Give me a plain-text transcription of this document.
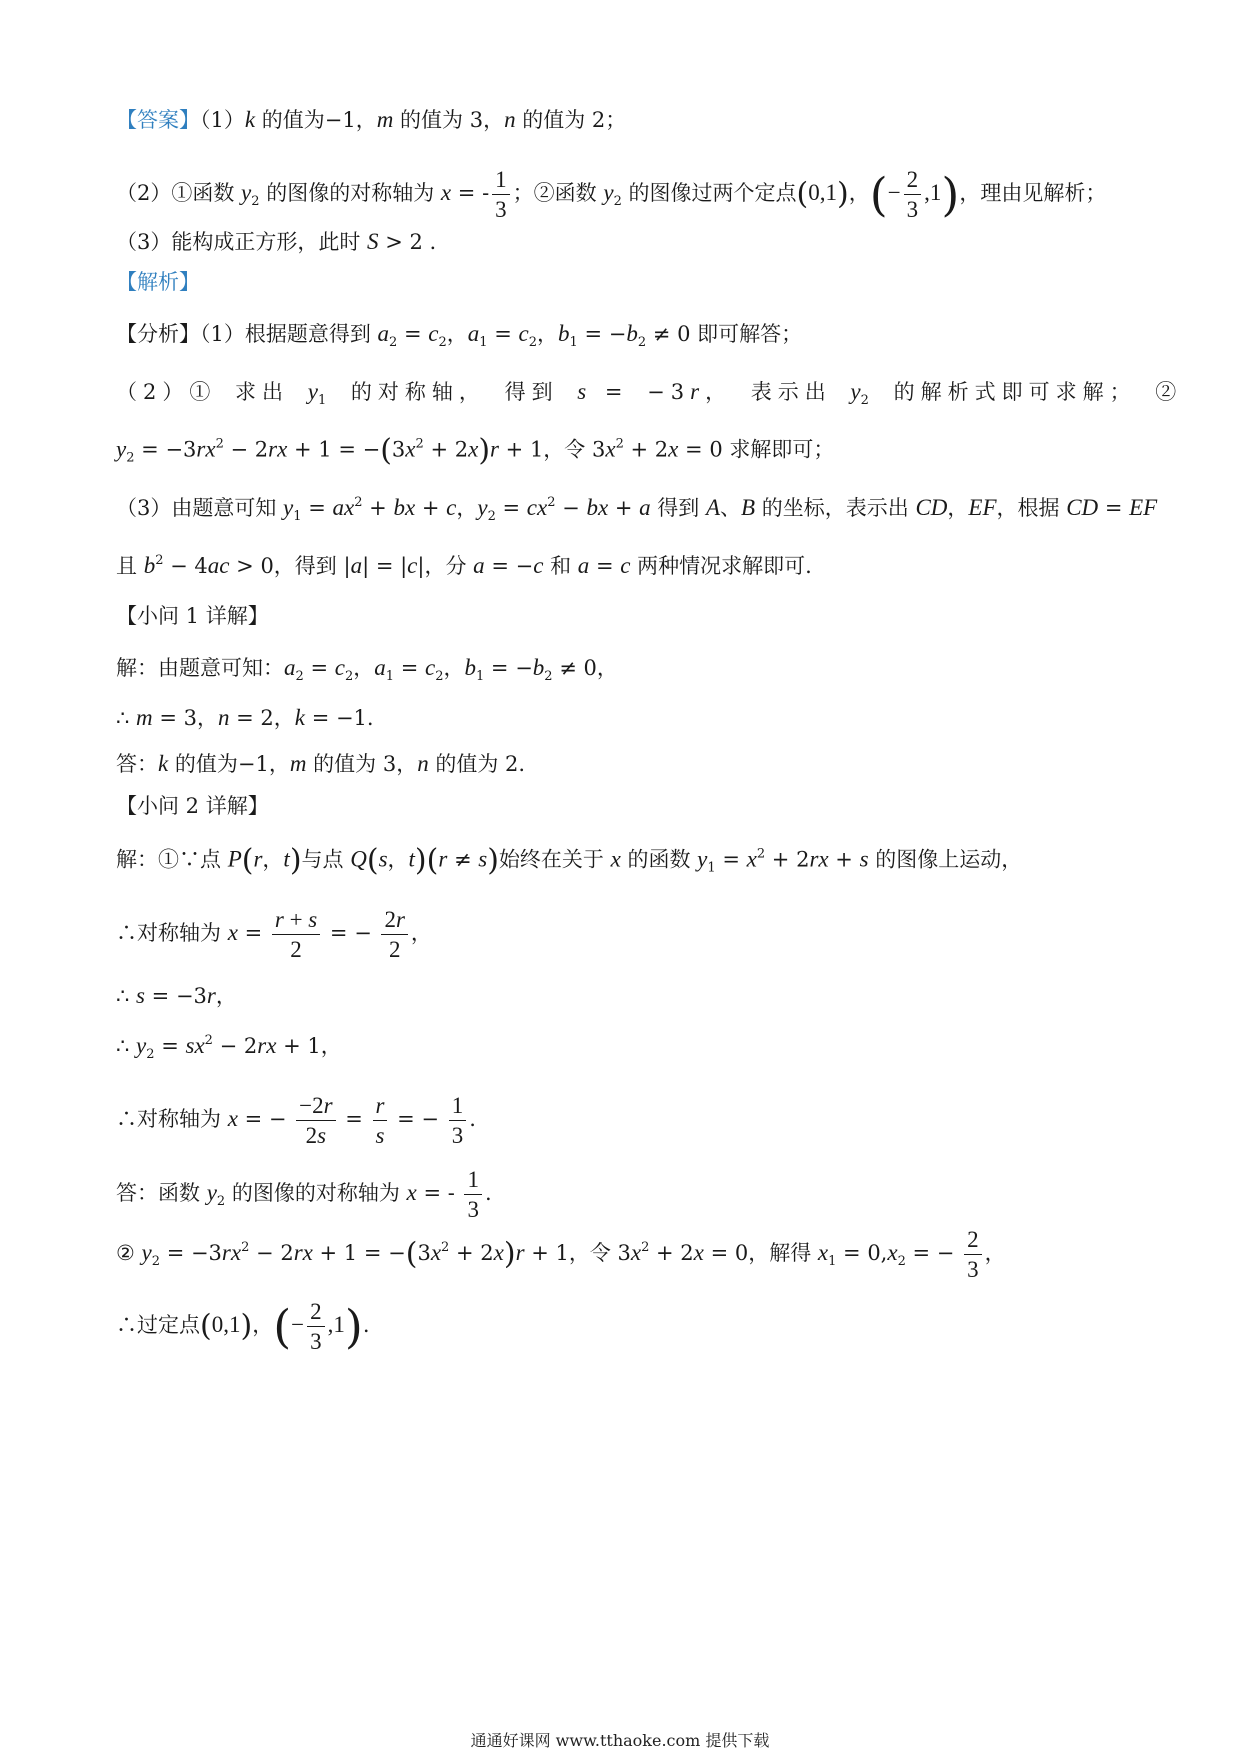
【答案】（1）k 的值为−1，m 的值为 3，n 的值为 2；
（2）①函数 $y_2$ 的图像的对称轴为 x = - $\frac{1}{3}$ ；②函数 $y_2$ 的图像过两个定点(0,1)，(− $\frac{2}{3} ,1$)，理由见解析；
（3）能构成正方形，此时 S > 2 .
【解析】
【分析】（1）根据题意得到 $a_2 = c_2$，$a_1 = c_2$，$b_1 = -b_2 \ne 0$ 即可解答；
（2）① 求出 $y_1$ 的对称轴， 得到 s = −3r， 表示出 $y_2$ 的解析式即可求解； ②
$y_2 = -3rx^2 - 2rx + 1 = -(3x^2 + 2x)r + 1$，令 $3x^2 + 2x = 0$ 求解即可；
（3）由题意可知 $y_1 = ax^2$ + bx + c，$y_2 = cx^2$ − bx + a 得到 A、B 的坐标，表示出 CD，EF，根据 CD = EF
且 $b^2 - 4ac > 0$，得到 |a| = |c|，分 a = −c 和 a = c 两种情况求解即可.
【小问 1 详解】
解：由题意可知：$a_2 = c_2$，$a_1 = c_2$，$b_1 = -b_2 \ne 0$，
∴ m = 3，n = 2，k = −1.
答：k 的值为−1，m 的值为 3，n 的值为 2.
【小问 2 详解】
解：①∵点 P(r，t)与点 Q(s，t)(r ≠ s)始终在关于 x 的函数 $y_1 = x^2 + 2rx + s$ 的图像上运动，
∴对称轴为 $x = \frac{r + s}{2}$ = − $\frac{2r}{2}$ ，
∴ s = −3r，
∴ $y_2 = sx^2 - 2rx + 1$，
∴对称轴为 x = − $\frac{-2r}{2s} = \frac{r}{s}$ = − $\frac{1}{3}$ .
答：函数 $y_2$ 的图像的对称轴为 x = - $\frac{1}{3}$ .
② $y_2 = -3rx^2 - 2rx + 1 = -(3x^2 + 2x)r + 1$，令 $3x^2 + 2x = 0$，解得 $x_1 = 0,x_2$ = − $\frac{2}{3}$ ，
∴过定点(0,1)，(− $\frac{2}{3} ,1$).
通通好课网 www.tthaoke.com 提供下载
